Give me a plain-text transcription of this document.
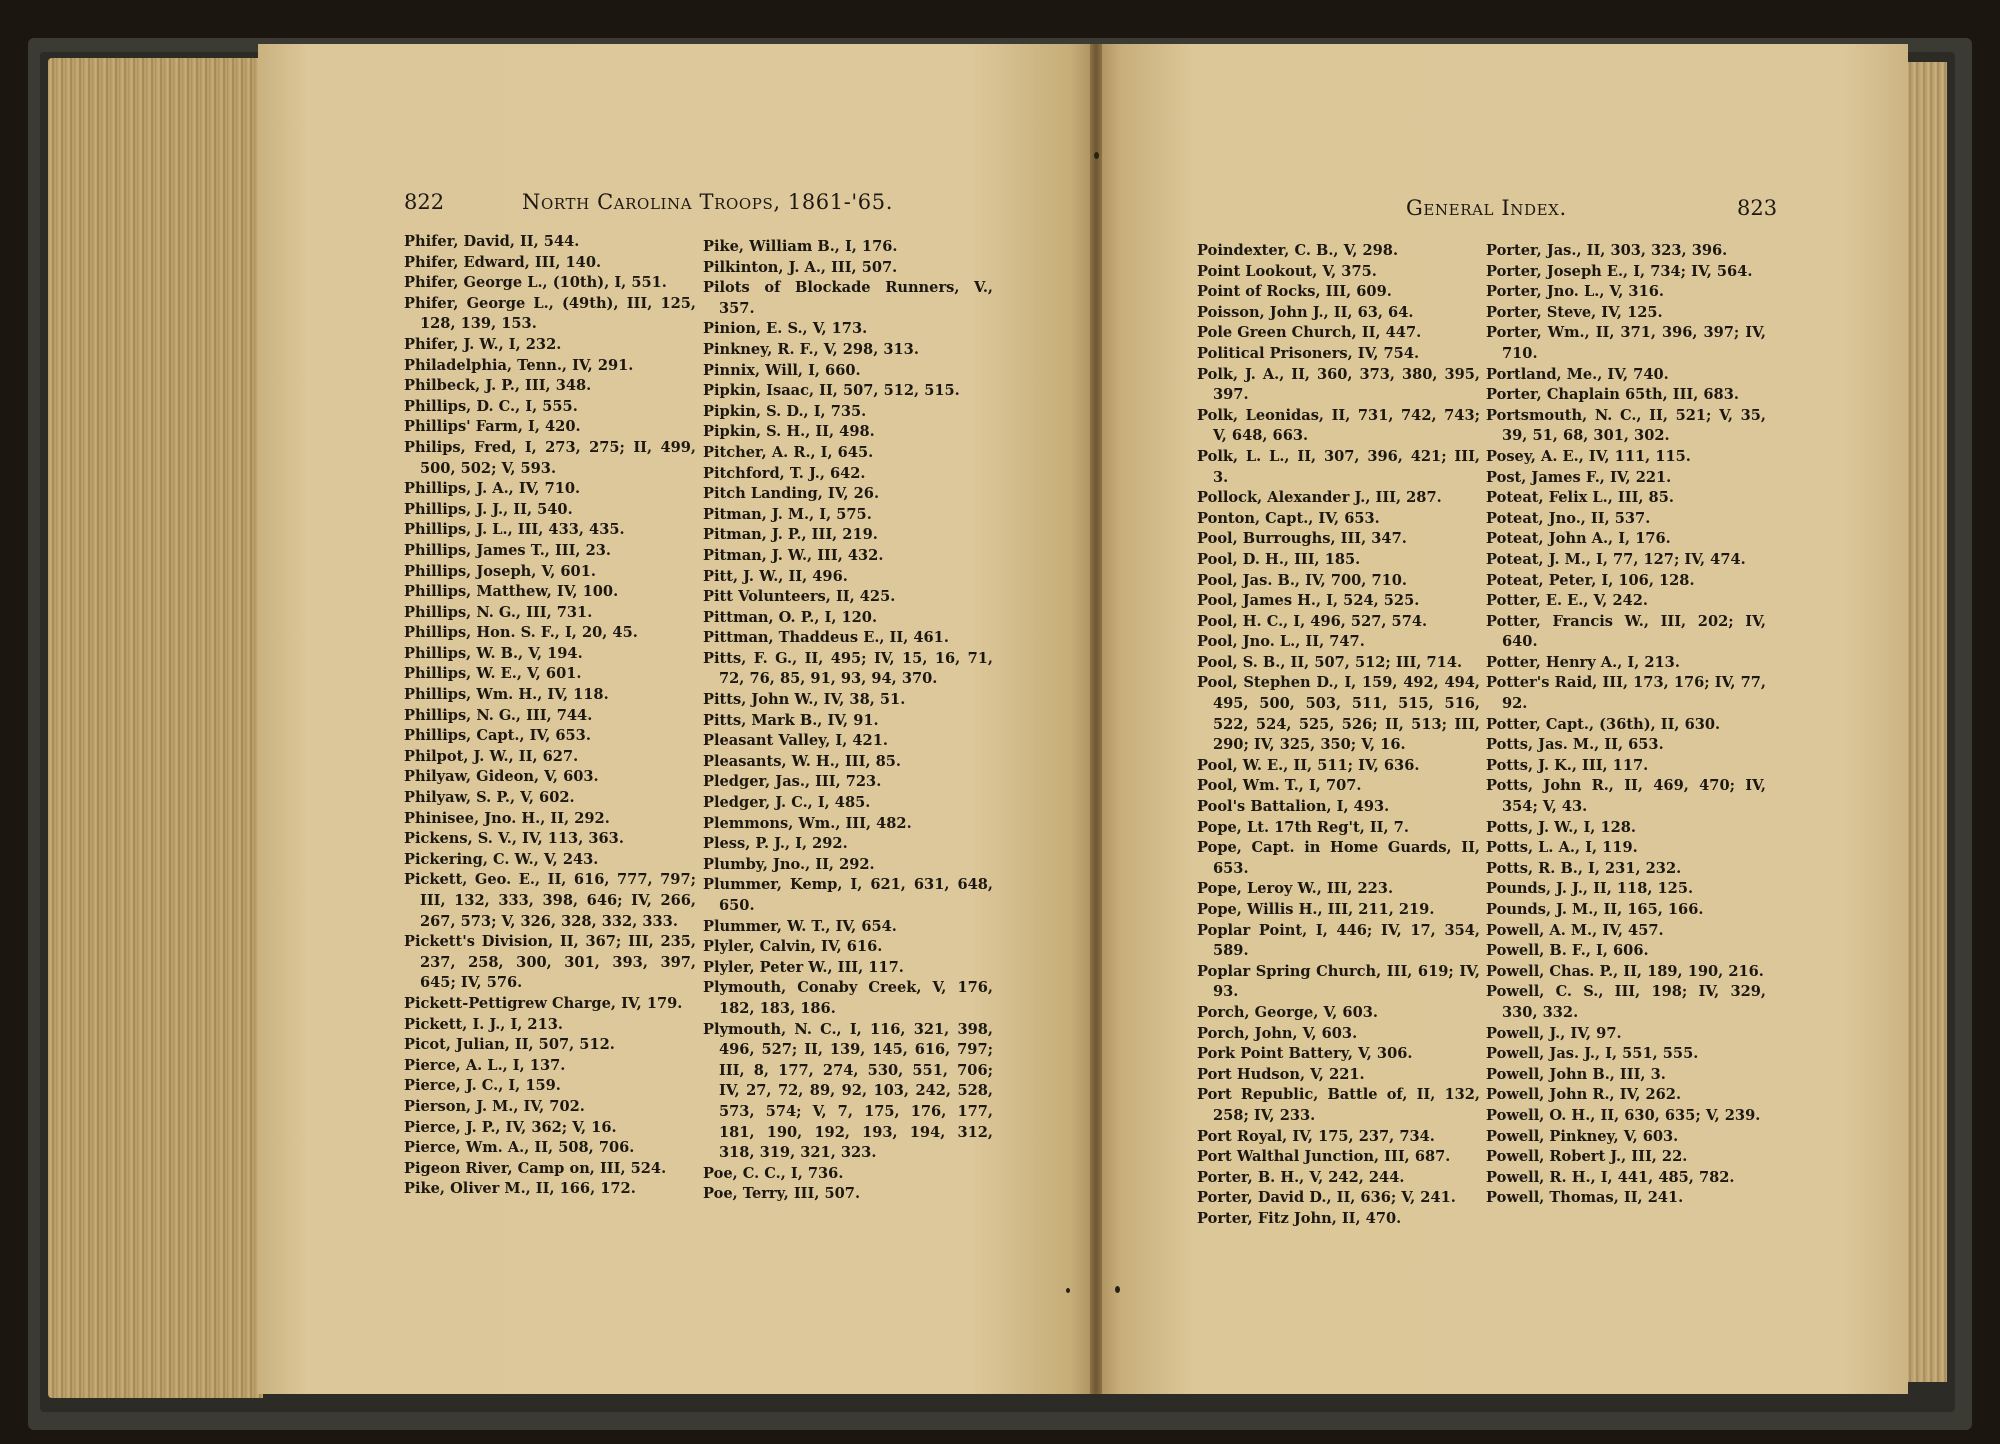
822	North Carolina Troops, 1861-'65.	General Index.	823
Phifer, David, II, 544.
Phifer, Edward, III, 140.
Phifer, George L., (10th), I, 551.
Phifer, George L., (49th), III, 125, 128, 139, 153.
Phifer, J. W., I, 232.
Philadelphia, Tenn., IV, 291.
Philbeck, J. P., III, 348.
Phillips, D. C., I, 555.
Phillips' Farm, I, 420.
Philips, Fred, I, 273, 275; II, 499, 500, 502; V, 593.
Phillips, J. A., IV, 710.
Phillips, J. J., II, 540.
Phillips, J. L., III, 433, 435.
Phillips, James T., III, 23.
Phillips, Joseph, V, 601.
Phillips, Matthew, IV, 100.
Phillips, N. G., III, 731.
Phillips, Hon. S. F., I, 20, 45.
Phillips, W. B., V, 194.
Phillips, W. E., V, 601.
Phillips, Wm. H., IV, 118.
Phillips, N. G., III, 744.
Phillips, Capt., IV, 653.
Philpot, J. W., II, 627.
Philyaw, Gideon, V, 603.
Philyaw, S. P., V, 602.
Phinisee, Jno. H., II, 292.
Pickens, S. V., IV, 113, 363.
Pickering, C. W., V, 243.
Pickett, Geo. E., II, 616, 777, 797; III, 132, 333, 398, 646; IV, 266, 267, 573; V, 326, 328, 332, 333.
Pickett's Division, II, 367; III, 235, 237, 258, 300, 301, 393, 397, 645; IV, 576.
Pickett-Pettigrew Charge, IV, 179.
Pickett, I. J., I, 213.
Picot, Julian, II, 507, 512.
Pierce, A. L., I, 137.
Pierce, J. C., I, 159.
Pierson, J. M., IV, 702.
Pierce, J. P., IV, 362; V, 16.
Pierce, Wm. A., II, 508, 706.
Pigeon River, Camp on, III, 524.
Pike, Oliver M., II, 166, 172.
Pike, William B., I, 176.
Pilkinton, J. A., III, 507.
Pilots of Blockade Runners, V., 357.
Pinion, E. S., V, 173.
Pinkney, R. F., V, 298, 313.
Pinnix, Will, I, 660.
Pipkin, Isaac, II, 507, 512, 515.
Pipkin, S. D., I, 735.
Pipkin, S. H., II, 498.
Pitcher, A. R., I, 645.
Pitchford, T. J., 642.
Pitch Landing, IV, 26.
Pitman, J. M., I, 575.
Pitman, J. P., III, 219.
Pitman, J. W., III, 432.
Pitt, J. W., II, 496.
Pitt Volunteers, II, 425.
Pittman, O. P., I, 120.
Pittman, Thaddeus E., II, 461.
Pitts, F. G., II, 495; IV, 15, 16, 71, 72, 76, 85, 91, 93, 94, 370.
Pitts, John W., IV, 38, 51.
Pitts, Mark B., IV, 91.
Pleasant Valley, I, 421.
Pleasants, W. H., III, 85.
Pledger, Jas., III, 723.
Pledger, J. C., I, 485.
Plemmons, Wm., III, 482.
Pless, P. J., I, 292.
Plumby, Jno., II, 292.
Plummer, Kemp, I, 621, 631, 648, 650.
Plummer, W. T., IV, 654.
Plyler, Calvin, IV, 616.
Plyler, Peter W., III, 117.
Plymouth, Conaby Creek, V, 176, 182, 183, 186.
Plymouth, N. C., I, 116, 321, 398, 496, 527; II, 139, 145, 616, 797; III, 8, 177, 274, 530, 551, 706; IV, 27, 72, 89, 92, 103, 242, 528, 573, 574; V, 7, 175, 176, 177, 181, 190, 192, 193, 194, 312, 318, 319, 321, 323.
Poe, C. C., I, 736.
Poe, Terry, III, 507.
Poindexter, C. B., V, 298.
Point Lookout, V, 375.
Point of Rocks, III, 609.
Poisson, John J., II, 63, 64.
Pole Green Church, II, 447.
Political Prisoners, IV, 754.
Polk, J. A., II, 360, 373, 380, 395, 397.
Polk, Leonidas, II, 731, 742, 743; V, 648, 663.
Polk, L. L., II, 307, 396, 421; III, 3.
Pollock, Alexander J., III, 287.
Ponton, Capt., IV, 653.
Pool, Burroughs, III, 347.
Pool, D. H., III, 185.
Pool, Jas. B., IV, 700, 710.
Pool, James H., I, 524, 525.
Pool, H. C., I, 496, 527, 574.
Pool, Jno. L., II, 747.
Pool, S. B., II, 507, 512; III, 714.
Pool, Stephen D., I, 159, 492, 494, 495, 500, 503, 511, 515, 516, 522, 524, 525, 526; II, 513; III, 290; IV, 325, 350; V, 16.
Pool, W. E., II, 511; IV, 636.
Pool, Wm. T., I, 707.
Pool's Battalion, I, 493.
Pope, Lt. 17th Reg't, II, 7.
Pope, Capt. in Home Guards, II, 653.
Pope, Leroy W., III, 223.
Pope, Willis H., III, 211, 219.
Poplar Point, I, 446; IV, 17, 354, 589.
Poplar Spring Church, III, 619; IV, 93.
Porch, George, V, 603.
Porch, John, V, 603.
Pork Point Battery, V, 306.
Port Hudson, V, 221.
Port Republic, Battle of, II, 132, 258; IV, 233.
Port Royal, IV, 175, 237, 734.
Port Walthal Junction, III, 687.
Porter, B. H., V, 242, 244.
Porter, David D., II, 636; V, 241.
Porter, Fitz John, II, 470.
Porter, Jas., II, 303, 323, 396.
Porter, Joseph E., I, 734; IV, 564.
Porter, Jno. L., V, 316.
Porter, Steve, IV, 125.
Porter, Wm., II, 371, 396, 397; IV, 710.
Portland, Me., IV, 740.
Porter, Chaplain 65th, III, 683.
Portsmouth, N. C., II, 521; V, 35, 39, 51, 68, 301, 302.
Posey, A. E., IV, 111, 115.
Post, James F., IV, 221.
Poteat, Felix L., III, 85.
Poteat, Jno., II, 537.
Poteat, John A., I, 176.
Poteat, J. M., I, 77, 127; IV, 474.
Poteat, Peter, I, 106, 128.
Potter, E. E., V, 242.
Potter, Francis W., III, 202; IV, 640.
Potter, Henry A., I, 213.
Potter's Raid, III, 173, 176; IV, 77, 92.
Potter, Capt., (36th), II, 630.
Potts, Jas. M., II, 653.
Potts, J. K., III, 117.
Potts, John R., II, 469, 470; IV, 354; V, 43.
Potts, J. W., I, 128.
Potts, L. A., I, 119.
Potts, R. B., I, 231, 232.
Pounds, J. J., II, 118, 125.
Pounds, J. M., II, 165, 166.
Powell, A. M., IV, 457.
Powell, B. F., I, 606.
Powell, Chas. P., II, 189, 190, 216.
Powell, C. S., III, 198; IV, 329, 330, 332.
Powell, J., IV, 97.
Powell, Jas. J., I, 551, 555.
Powell, John B., III, 3.
Powell, John R., IV, 262.
Powell, O. H., II, 630, 635; V, 239.
Powell, Pinkney, V, 603.
Powell, Robert J., III, 22.
Powell, R. H., I, 441, 485, 782.
Powell, Thomas, II, 241.
